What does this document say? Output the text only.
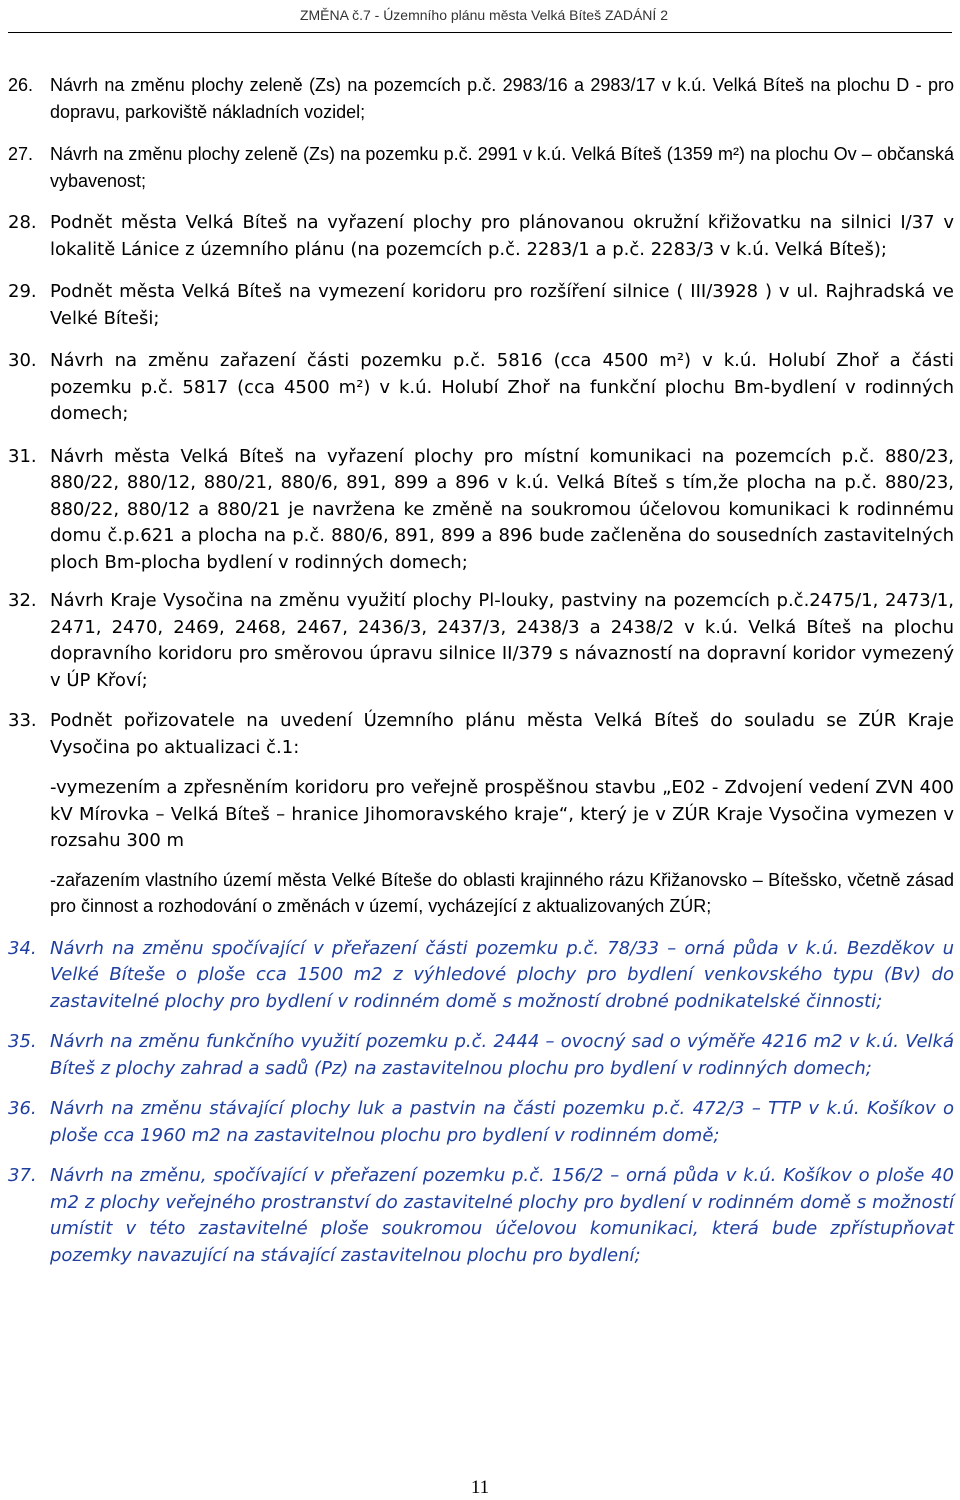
ZMĚNA č.7 - Územního plánu města Velká Bíteš ZADÁNÍ 2
26. Návrh na změnu plochy zeleně (Zs) na pozemcích p.č. 2983/16 a 2983/17 v k.ú. Velká Bíteš na plochu D - pro dopravu, parkoviště nákladních vozidel;
27. Návrh na změnu plochy zeleně (Zs) na pozemku p.č. 2991 v k.ú. Velká Bíteš (1359 m²) na plochu Ov – občanská vybavenost;
28. Podnět města Velká Bíteš na vyřazení plochy pro plánovanou okružní křižovatku na silnici I/37 v lokalitě Lánice z územního plánu (na pozemcích p.č. 2283/1 a p.č. 2283/3 v k.ú. Velká Bíteš);
29. Podnět města Velká Bíteš na vymezení koridoru pro rozšíření silnice ( III/3928 ) v ul. Rajhradská ve Velké Bíteši;
30. Návrh na změnu zařazení části pozemku p.č. 5816 (cca 4500 m²) v k.ú. Holubí Zhoř a části pozemku p.č. 5817 (cca 4500 m²) v k.ú. Holubí Zhoř na funkční plochu Bm-bydlení v rodinných domech;
31. Návrh města Velká Bíteš na vyřazení plochy pro místní komunikaci na pozemcích p.č. 880/23, 880/22, 880/12, 880/21, 880/6, 891, 899 a 896 v k.ú. Velká Bíteš s tím,že plocha na p.č. 880/23, 880/22, 880/12 a 880/21 je navržena ke změně na soukromou účelovou komunikaci k rodinnému domu č.p.621 a plocha na p.č. 880/6, 891, 899 a 896 bude začleněna do sousedních zastavitelných ploch Bm-plocha bydlení v rodinných domech;
32. Návrh Kraje Vysočina na změnu využití plochy Pl-louky, pastviny na pozemcích p.č.2475/1, 2473/1, 2471, 2470, 2469, 2468, 2467, 2436/3, 2437/3, 2438/3 a 2438/2 v k.ú. Velká Bíteš na plochu dopravního koridoru pro směrovou úpravu silnice II/379 s návazností na dopravní koridor vymezený v ÚP Křoví;
33. Podnět pořizovatele na uvedení Územního plánu města Velká Bíteš do souladu se ZÚR Kraje Vysočina po aktualizaci č.1:
-vymezením a zpřesněním koridoru pro veřejně prospěšnou stavbu „E02 - Zdvojení vedení ZVN 400 kV Mírovka – Velká Bíteš – hranice Jihomoravského kraje“, který je v ZÚR Kraje Vysočina vymezen v rozsahu 300 m
-zařazením vlastního území města Velké Bíteše do oblasti krajinného rázu Křižanovsko – Bítešsko, včetně zásad pro činnost a rozhodování o změnách v území, vycházející z aktualizovaných ZÚR;
34. Návrh na změnu spočívající v přeřazení části pozemku p.č. 78/33 – orná půda v k.ú. Bezděkov u Velké Bíteše o ploše cca 1500 m2 z výhledové plochy pro bydlení venkovského typu (Bv) do zastavitelné plochy pro bydlení v rodinném domě s možností drobné podnikatelské činnosti;
35. Návrh na změnu funkčního využití pozemku p.č. 2444 – ovocný sad o výměře 4216 m2 v k.ú. Velká Bíteš z plochy zahrad a sadů (Pz) na zastavitelnou plochu pro bydlení v rodinných domech;
36. Návrh na změnu stávající plochy luk a pastvin na části pozemku p.č. 472/3 – TTP v k.ú. Košíkov o ploše cca 1960 m2 na zastavitelnou plochu pro bydlení v rodinném domě;
37. Návrh na změnu, spočívající v přeřazení pozemku p.č. 156/2 – orná půda v k.ú. Košíkov o ploše 40 m2 z plochy veřejného prostranství do zastavitelné plochy pro bydlení v rodinném domě s možností umístit v této zastavitelné ploše soukromou účelovou komunikaci, která bude zpřístupňovat pozemky navazující na stávající zastavitelnou plochu pro bydlení;
11
